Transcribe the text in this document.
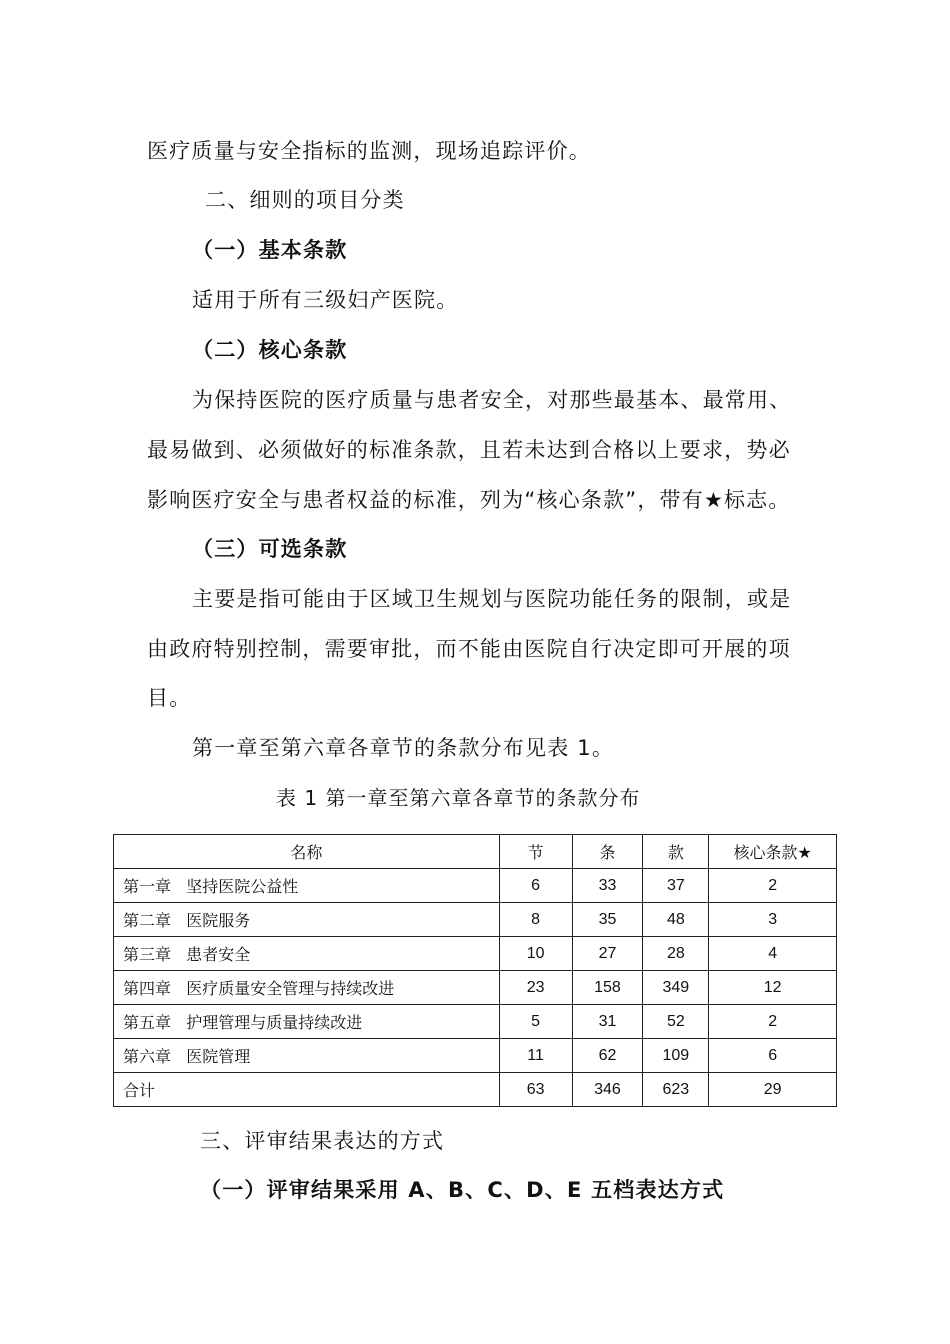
医疗质量与安全指标的监测，现场追踪评价。
二、细则的项目分类
（一）基本条款
适用于所有三级妇产医院。
（二）核心条款
为保持医院的医疗质量与患者安全，对那些最基本、最常用、
最易做到、必须做好的标准条款，且若未达到合格以上要求，势必
影响医疗安全与患者权益的标准，列为“核心条款”，带有★标志。
（三）可选条款
主要是指可能由于区域卫生规划与医院功能任务的限制，或是
由政府特别控制，需要审批，而不能由医院自行决定即可开展的项
目。
第一章至第六章各章节的条款分布见表 1。
表 1 第一章至第六章各章节的条款分布
名称	节	条	款	核心条款★
第一章   坚持医院公益性	6	33	37	2
第二章   医院服务	8	35	48	3
第三章   患者安全	10	27	28	4
第四章   医疗质量安全管理与持续改进	23	158	349	12
第五章   护理管理与质量持续改进	5	31	52	2
第六章   医院管理	11	62	109	6
合计	63	346	623	29
三、评审结果表达的方式
（一）评审结果采用 A、B、C、D、E 五档表达方式
